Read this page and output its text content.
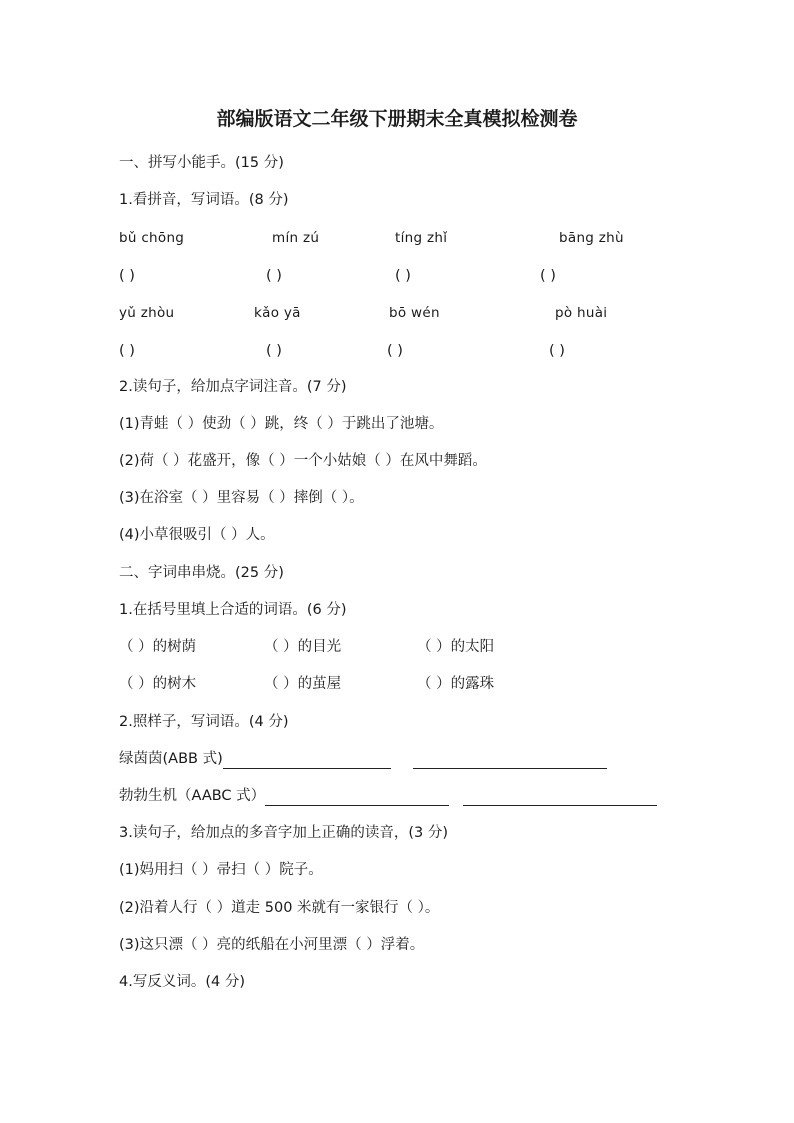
部编版语文二年级下册期末全真模拟检测卷
一、拼写小能手。(15 分)
1.看拼音，写词语。(8 分)
bǔ chōng	mín zú	tíng zhǐ	bāng zhù
( )	( )	( )	( )
yǔ zhòu	kǎo yā	bō wén	pò huài
( )	( )	( )	( )
2.读句子，给加点字词注音。(7 分)
(1)青蛙（ ）使劲（ ）跳，终（ ）于跳出了池塘。
(2)荷（ ）花盛开，像（ ）一个小姑娘（ ）在风中舞蹈。
(3)在浴室（ ）里容易（ ）摔倒（ ）。
(4)小草很吸引（ ）人。
二、字词串串烧。(25 分)
1.在括号里填上合适的词语。(6 分)
（ ）的树荫	（ ）的目光	（ ）的太阳
（ ）的树木	（ ）的茧屋	（ ）的露珠
2.照样子，写词语。(4 分)
绿茵茵(ABB 式)
勃勃生机（AABC 式）
3.读句子，给加点的多音字加上正确的读音，(3 分)
(1)妈用扫（ ）帚扫（ ）院子。
(2)沿着人行（ ）道走 500 米就有一家银行（ ）。
(3)这只漂（ ）亮的纸船在小河里漂（ ）浮着。
4.写反义词。(4 分)
